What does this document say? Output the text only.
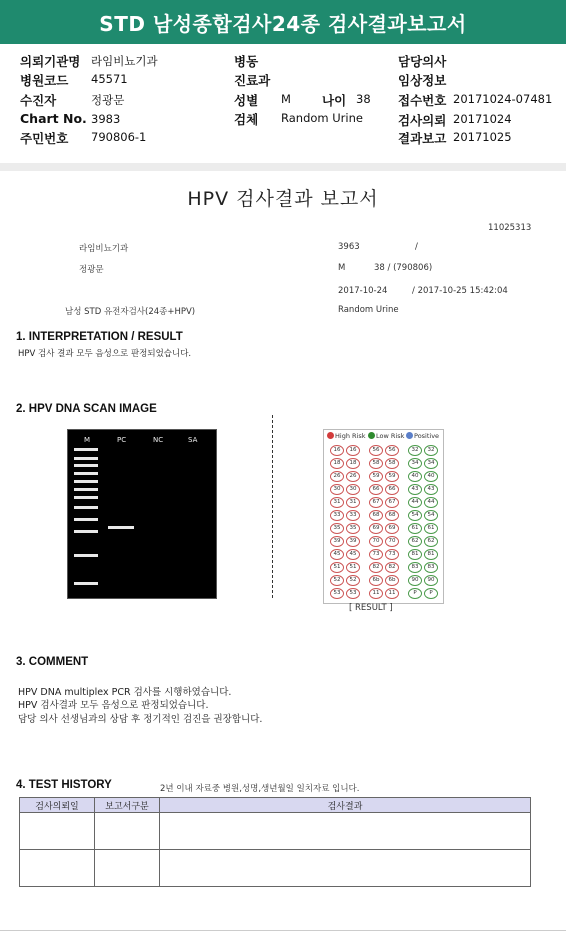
STD 남성종합검사24종 검사결과보고서
의뢰기관명 라임비뇨기과
병원코드 45571
수진자	정광문
Chart No. 3983
주민번호 790806-1
병동
진료과
성별 M 나이 38
검체 Random Urine
담당의사
임상정보
접수번호 20171024-07481
검사의뢰 20171024
결과보고 20171025
HPV 검사결과 보고서
11025313
라임비뇨기과	3963	/
정광문	M	38 / (790806)
2017-10-24	/ 2017-10-25 15:42:04
남성 STD 유전자검사(24종+HPV)	Random Urine
1. INTERPRETATION / RESULT
HPV 검사 결과 모두 음성으로 판정되었습니다.
2. HPV DNA SCAN IMAGE
M	PC	NC	SA	High Risk	Low Risk	Positive
16	16	56	56	32	32
18	18	58	58	34	34
26	26	59	59	40	40
30	30	66	66	43	43
31	31	67	67	44	44
33	33	68	68	54	54
35	35	69	69	61	61
39	39	70	70	62	62
45	45	73	73	81	81
51	51	82	82	83	83
52	52	6b	6b	90	90
53	53	11	11	P	P
[ RESULT ]
3. COMMENT
HPV DNA multiplex PCR 검사를 시행하였습니다.
HPV 검사결과 모두 음성으로 판정되었습니다.
담당 의사 선생님과의 상담 후 정기적인 검진을 권장합니다.
4. TEST HISTORY	2년 이내 자료중 병원,성명,생년월일 일치자료 입니다.
검사의뢰일	보고서구분	검사결과
